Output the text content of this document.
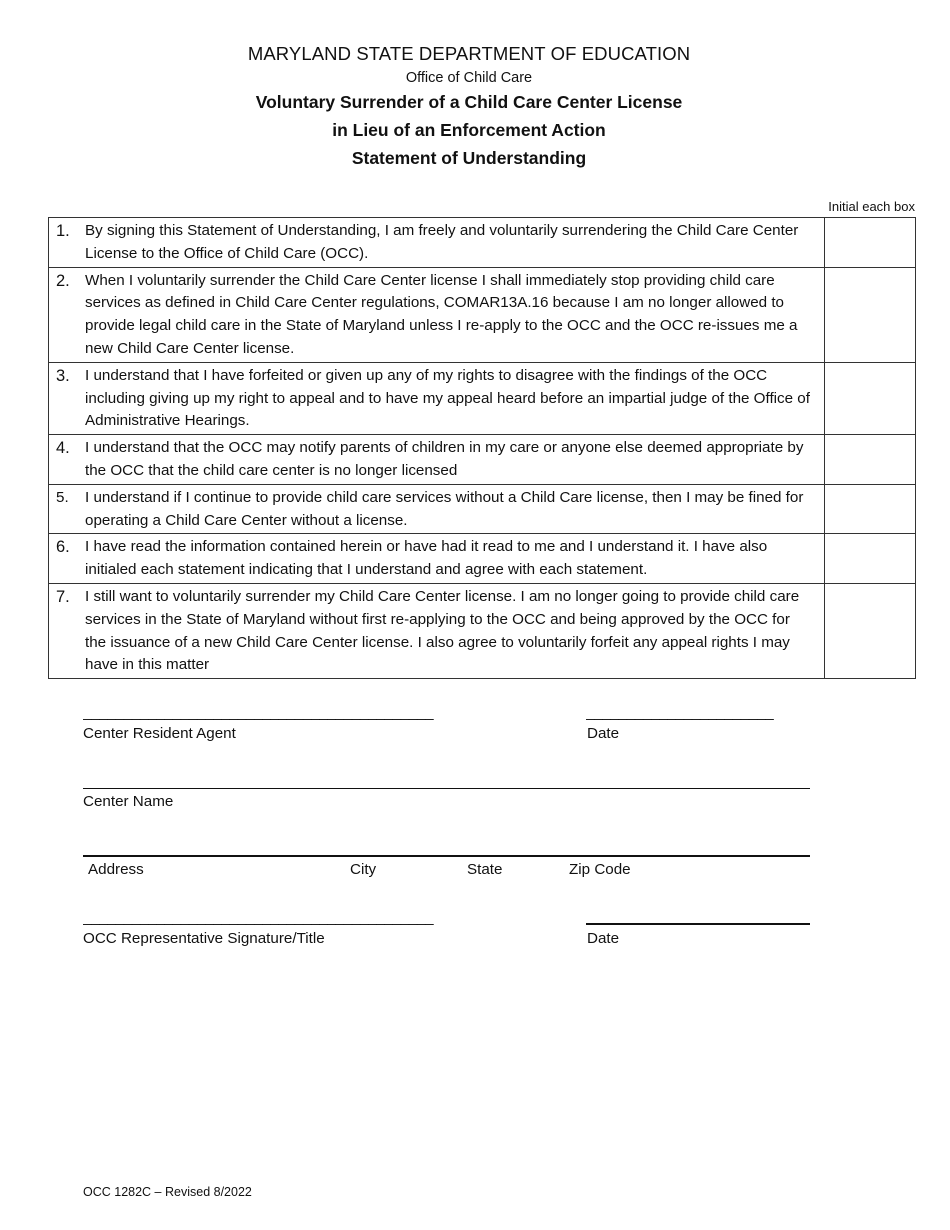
MARYLAND STATE DEPARTMENT OF EDUCATION
Office of Child Care
Voluntary Surrender of a Child Care Center License
in Lieu of an Enforcement Action
Statement of Understanding
Initial each box
1. By signing this Statement of Understanding, I am freely and voluntarily surrendering the Child Care Center License to the Office of Child Care (OCC).	

2. When I voluntarily surrender the Child Care Center license I shall immediately stop providing child care services as defined in Child Care Center regulations, COMAR13A.16 because I am no longer allowed to provide legal child care in the State of Maryland unless I re-apply to the OCC and the OCC re-issues me a new Child Care Center license.	

3. I understand that I have forfeited or given up any of my rights to disagree with the findings of the OCC including giving up my right to appeal and to have my appeal heard before an impartial judge of the Office of Administrative Hearings.	

4. I understand that the OCC may notify parents of children in my care or anyone else deemed appropriate by the OCC that the child care center is no longer licensed	

5. I understand if I continue to provide child care services without a Child Care license, then I may be fined for operating a Child Care Center without a license.	

6. I have read the information contained herein or have had it read to me and I understand it. I have also initialed each statement indicating that I understand and agree with each statement.	

7. I still want to voluntarily surrender my Child Care Center license. I am no longer going to provide child care services in the State of Maryland without first re-applying to the OCC and being approved by the OCC for the issuance of a new Child Care Center license. I also agree to voluntarily forfeit any appeal rights I may have in this matter	

___________________________________________	_______________________
Center Resident Agent	Date
Center Name
Address	City	State	Zip Code
___________________________________________
OCC Representative Signature/Title	Date
OCC 1282C – Revised 8/2022
